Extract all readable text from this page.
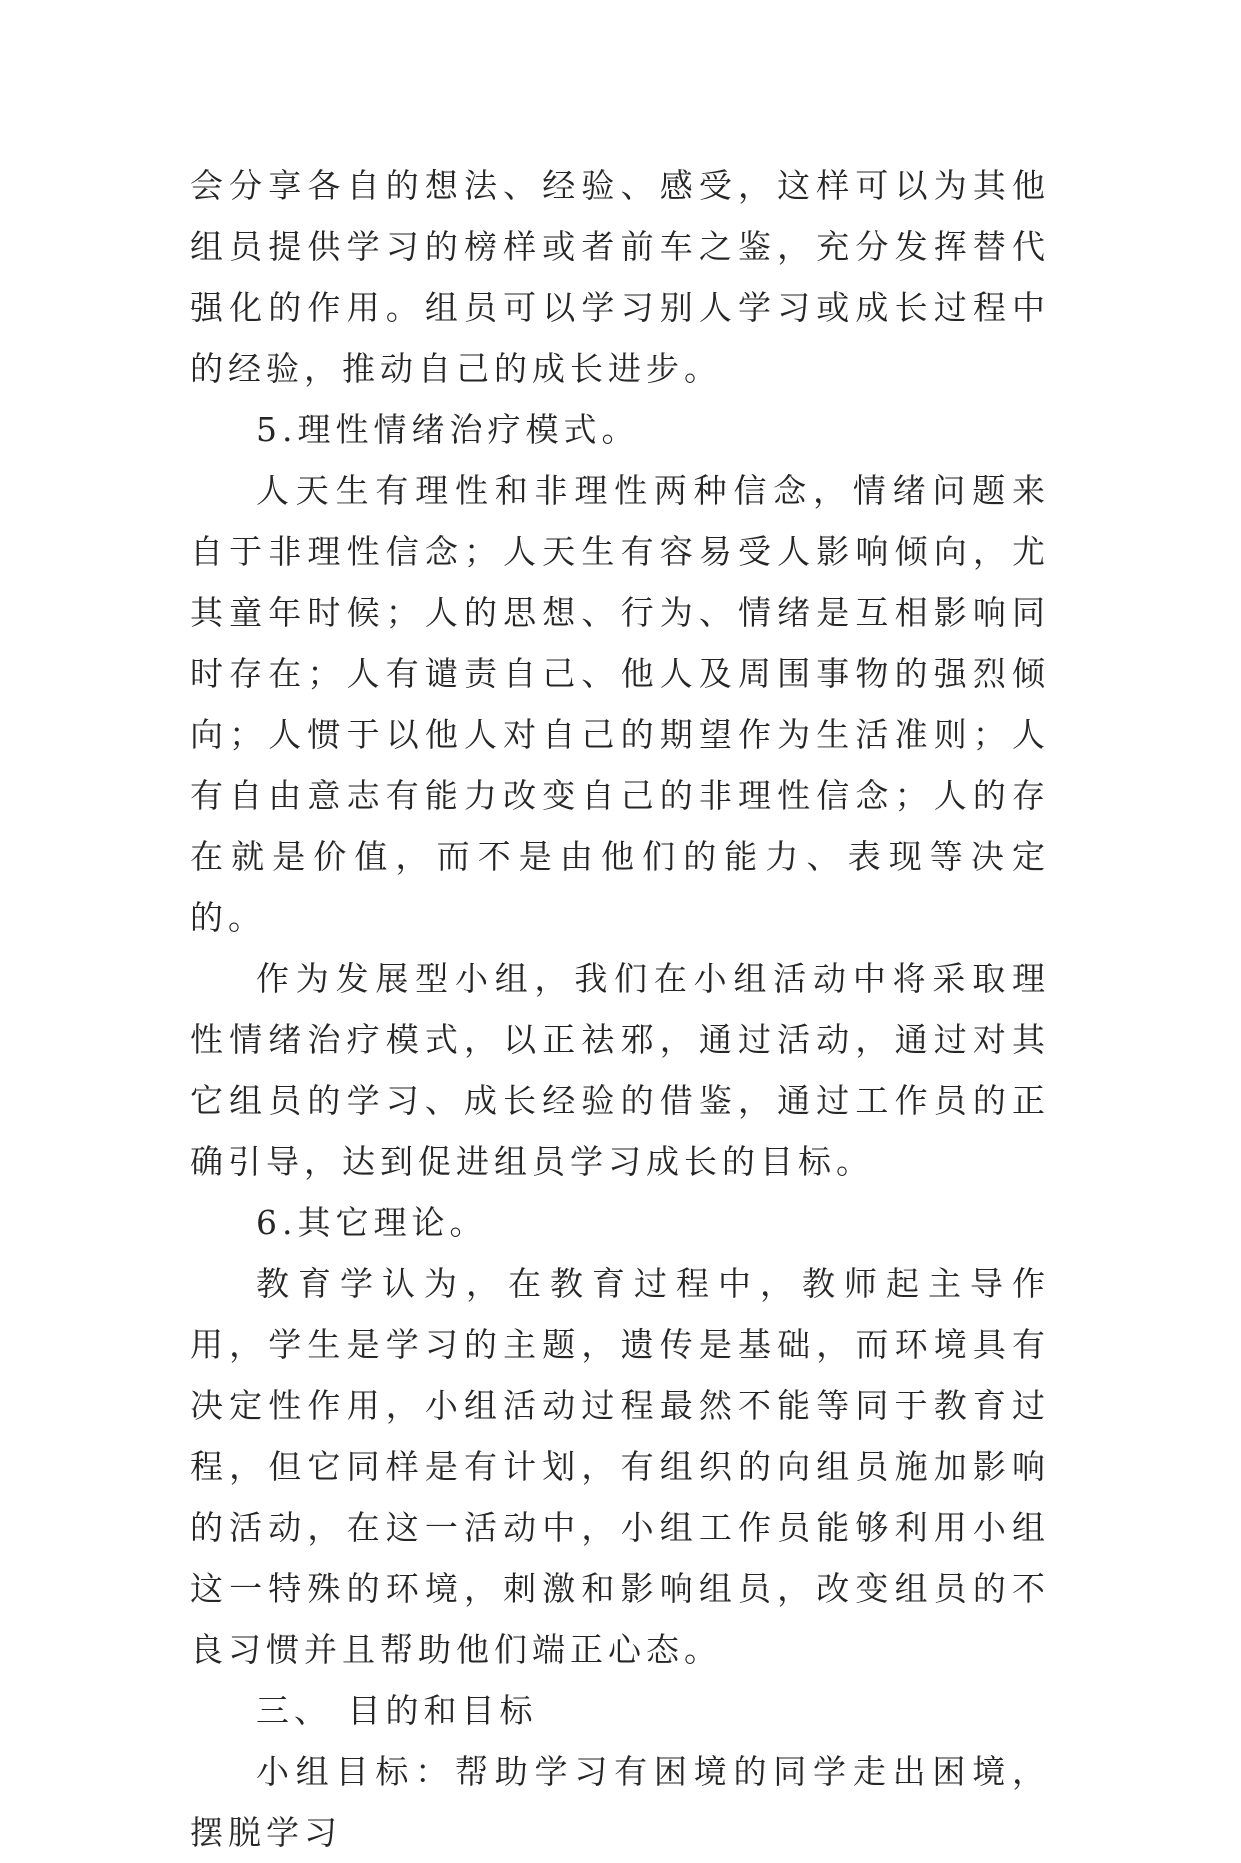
会分享各自的想法、经验、感受，这样可以为其他组员提供学习的榜样或者前车之鉴，充分发挥替代强化的作用。组员可以学习别人学习或成长过程中的经验，推动自己的成长进步。

5.理性情绪治疗模式。

人天生有理性和非理性两种信念，情绪问题来自于非理性信念；人天生有容易受人影响倾向，尤其童年时候；人的思想、行为、情绪是互相影响同时存在；人有谴责自己、他人及周围事物的强烈倾向；人惯于以他人对自己的期望作为生活准则；人有自由意志有能力改变自己的非理性信念；人的存在就是价值，而不是由他们的能力、表现等决定的。

作为发展型小组，我们在小组活动中将采取理性情绪治疗模式，以正祛邪，通过活动，通过对其它组员的学习、成长经验的借鉴，通过工作员的正确引导，达到促进组员学习成长的目标。

6.其它理论。

教育学认为，在教育过程中，教师起主导作用，学生是学习的主题，遗传是基础，而环境具有决定性作用，小组活动过程最然不能等同于教育过程，但它同样是有计划，有组织的向组员施加影响的活动，在这一活动中，小组工作员能够利用小组这一特殊的环境，刺激和影响组员，改变组员的不良习惯并且帮助他们端正心态。

三、 目的和目标

小组目标：帮助学习有困境的同学走出困境，摆脱学习
